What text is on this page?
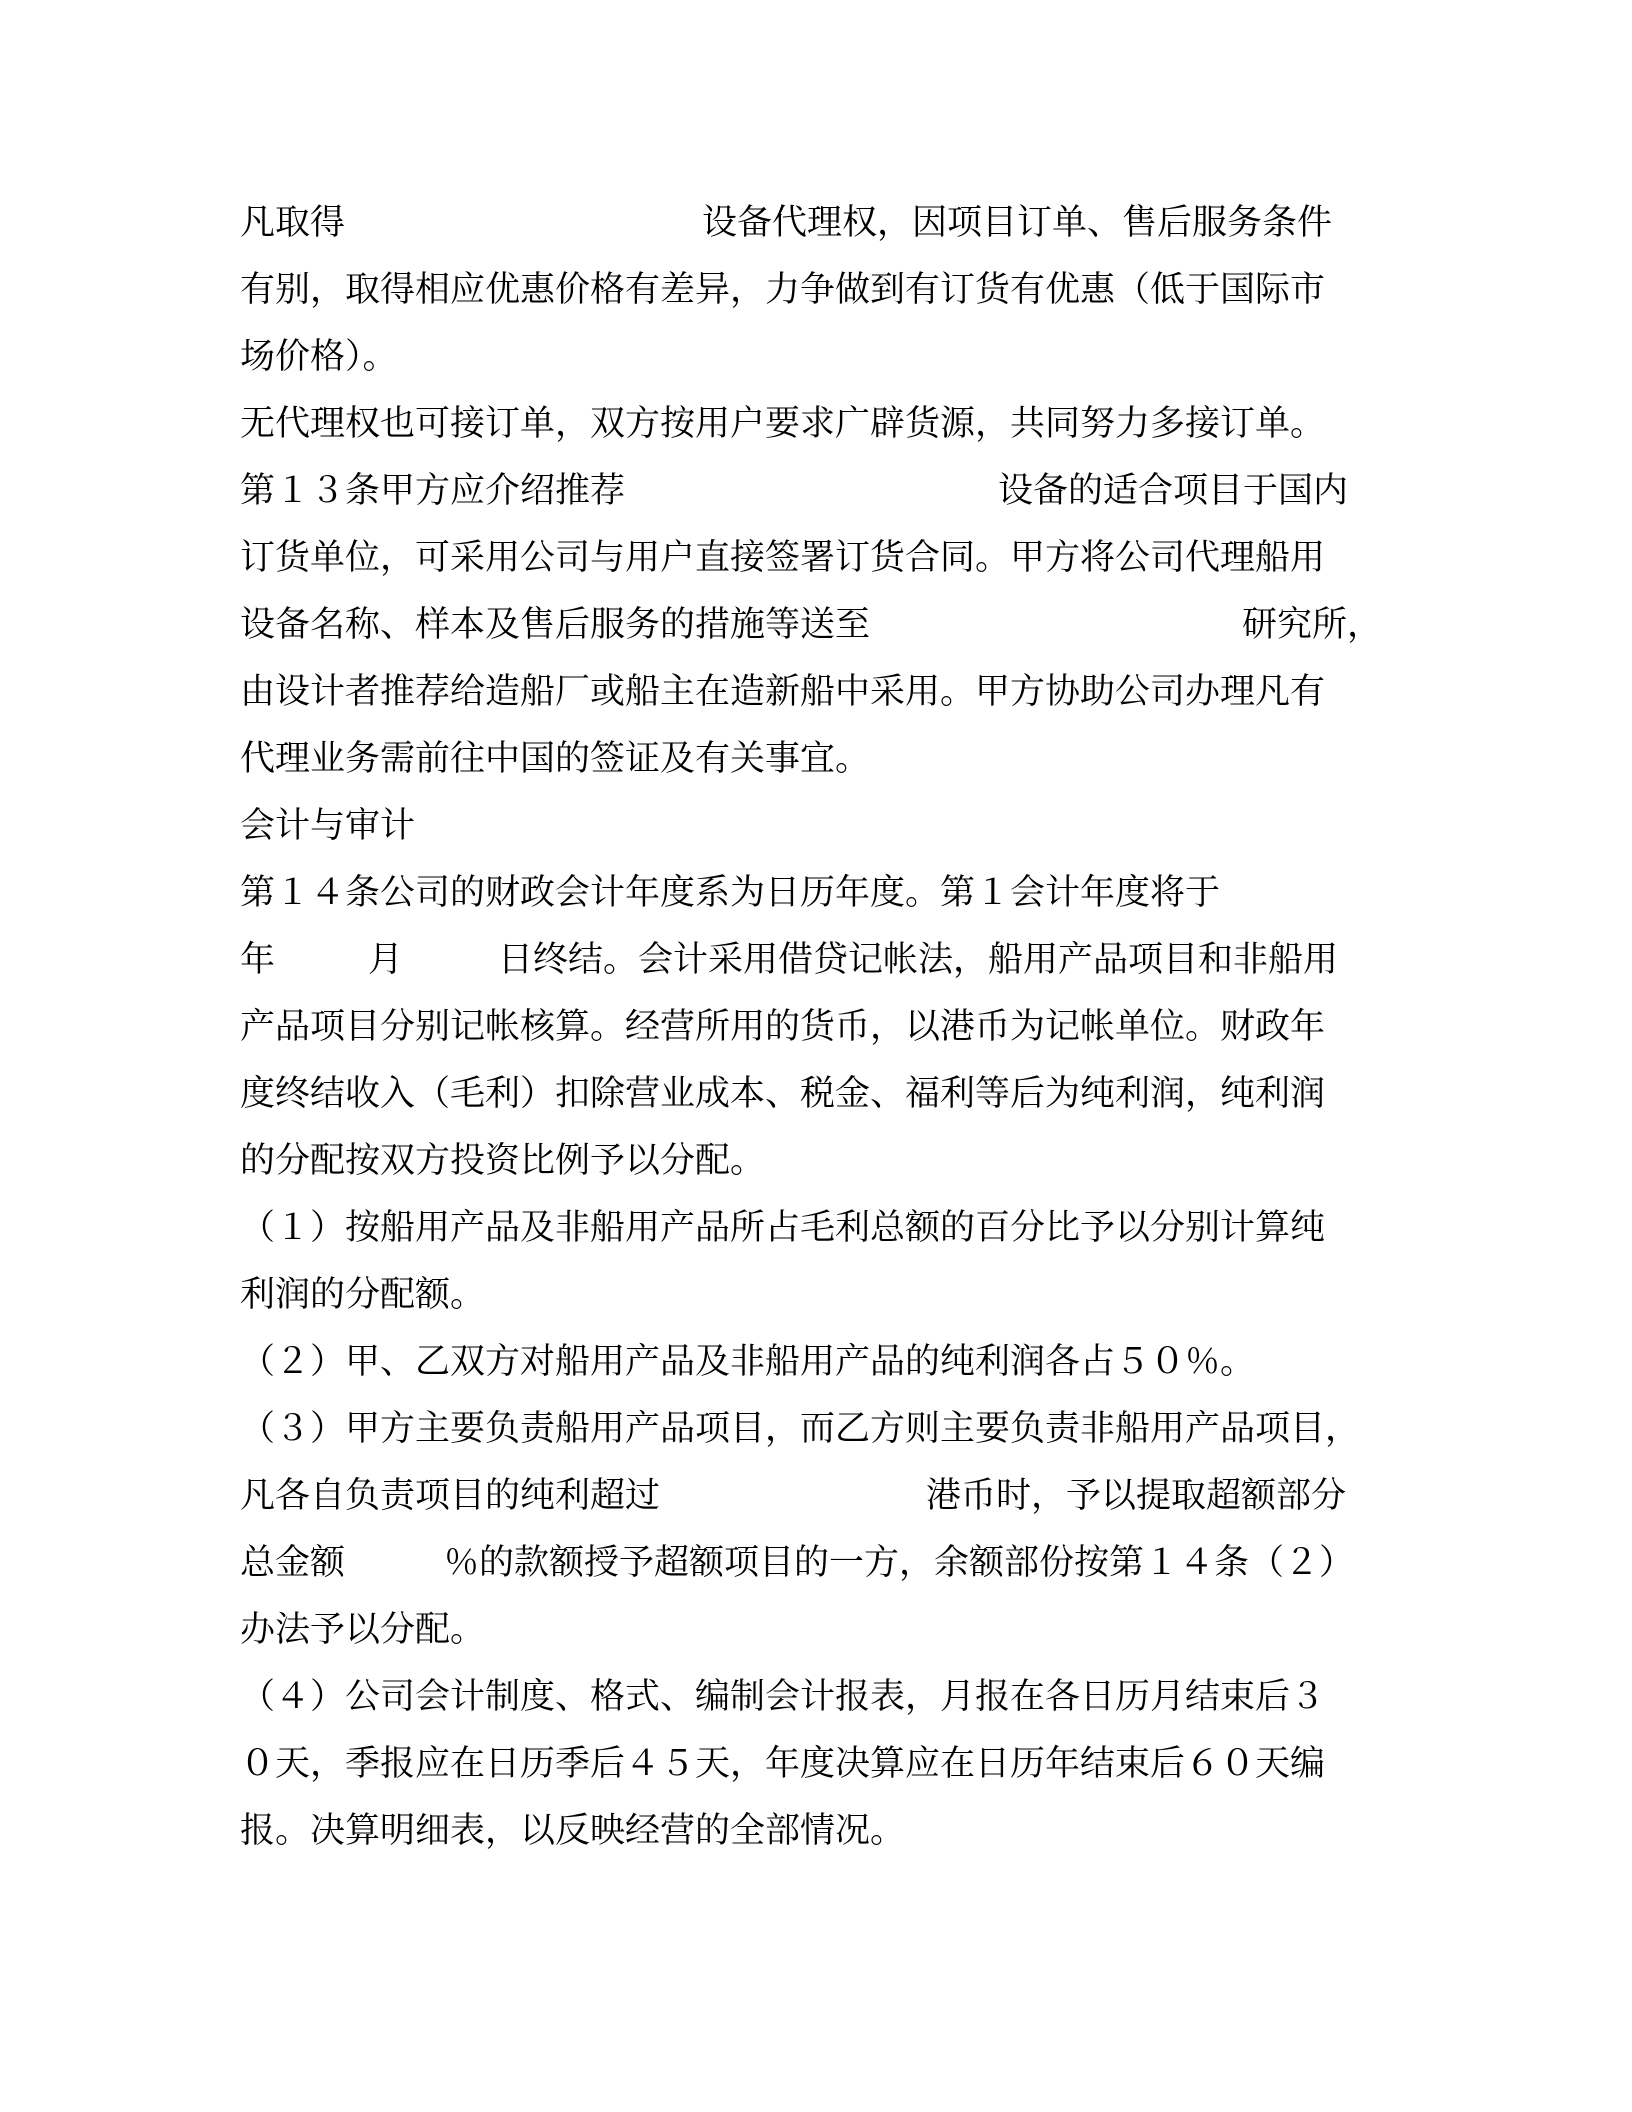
凡取得	设备代理权，因项目订单、售后服务条件
有别，取得相应优惠价格有差异，力争做到有订货有优惠（低于国际市
场价格）。
无代理权也可接订单，双方按用户要求广辟货源，共同努力多接订单。
第１３条甲方应介绍推荐	设备的适合项目于国内
订货单位，可采用公司与用户直接签署订货合同。甲方将公司代理船用
设备名称、样本及售后服务的措施等送至	研究所，
由设计者推荐给造船厂或船主在造新船中采用。甲方协助公司办理凡有
代理业务需前往中国的签证及有关事宜。
会计与审计
第１４条公司的财政会计年度系为日历年度。第１会计年度将于
年	月	日终结。会计采用借贷记帐法，船用产品项目和非船用
产品项目分别记帐核算。经营所用的货币，以港币为记帐单位。财政年
度终结收入（毛利）扣除营业成本、税金、福利等后为纯利润，纯利润
的分配按双方投资比例予以分配。
（１）按船用产品及非船用产品所占毛利总额的百分比予以分别计算纯
利润的分配额。
（２）甲、乙双方对船用产品及非船用产品的纯利润各占５０％。
（３）甲方主要负责船用产品项目，而乙方则主要负责非船用产品项目，
凡各自负责项目的纯利超过	港币时，予以提取超额部分
总金额	％的款额授予超额项目的一方，余额部份按第１４条（２）
办法予以分配。
（４）公司会计制度、格式、编制会计报表，月报在各日历月结束后３
０天，季报应在日历季后４５天，年度决算应在日历年结束后６０天编
报。决算明细表，以反映经营的全部情况。
